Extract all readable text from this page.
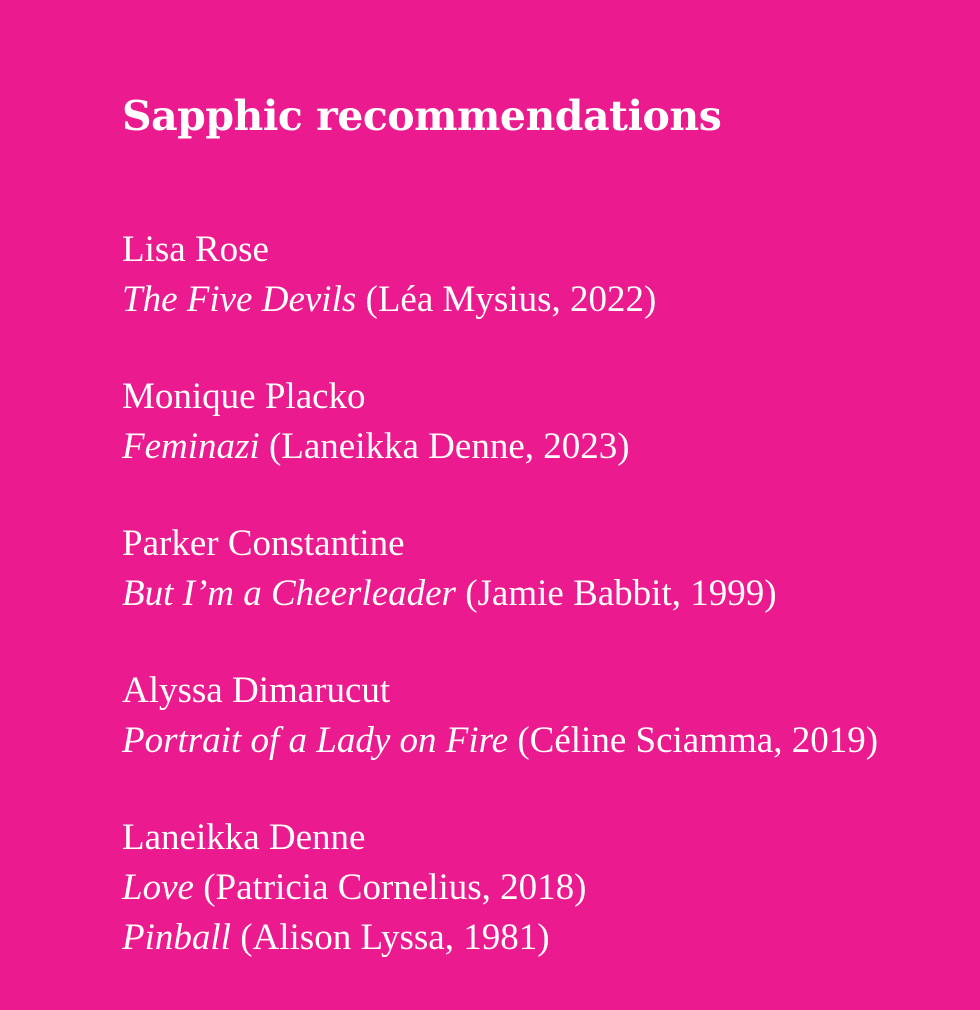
Sapphic recommendations
Lisa Rose
The Five Devils (Léa Mysius, 2022)
Monique Placko
Feminazi (Laneikka Denne, 2023)
Parker Constantine
But I’m a Cheerleader (Jamie Babbit, 1999)
Alyssa Dimarucut
Portrait of a Lady on Fire (Céline Sciamma, 2019)
Laneikka Denne
Love (Patricia Cornelius, 2018)
Pinball (Alison Lyssa, 1981)
